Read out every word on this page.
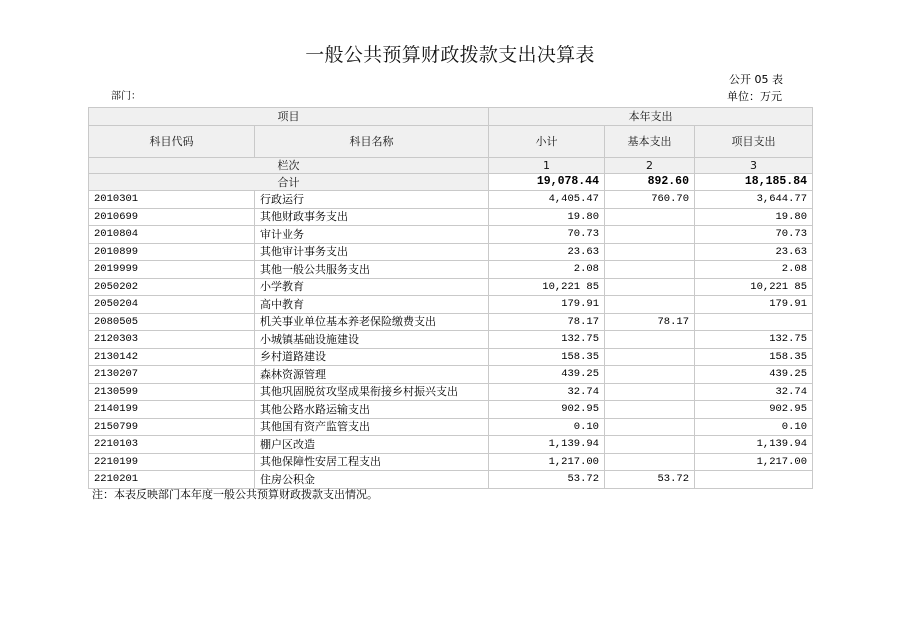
一般公共预算财政拨款支出决算表
公开 05 表
部门：	单位：万元
项目		本年支出		
科目代码	科目名称	小计	基本支出	项目支出
栏次		1	2	3
合计		19,078.44	892.60	18,185.84
2010301	行政运行	4,405.47	760.70	3,644.77
2010699	其他财政事务支出	19.80		19.80
2010804	审计业务	70.73		70.73
2010899	其他审计事务支出	23.63		23.63
2019999	其他一般公共服务支出	2.08		2.08
2050202	小学教育	10,221 85		10,221 85
2050204	高中教育	179.91		179.91
2080505	机关事业单位基本养老保险缴费支出	78.17	78.17	
2120303	小城镇基础设施建设	132.75		132.75
2130142	乡村道路建设	158.35		158.35
2130207	森林资源管理	439.25		439.25
2130599	其他巩固脱贫攻坚成果衔接乡村振兴支出	32.74		32.74
2140199	其他公路水路运输支出	902.95		902.95
2150799	其他国有资产监管支出	0.10		0.10
2210103	棚户区改造	1,139.94		1,139.94
2210199	其他保障性安居工程支出	1,217.00		1,217.00
2210201	住房公积金	53.72	53.72	
注：本表反映部门本年度一般公共预算财政拨款支出情况。
